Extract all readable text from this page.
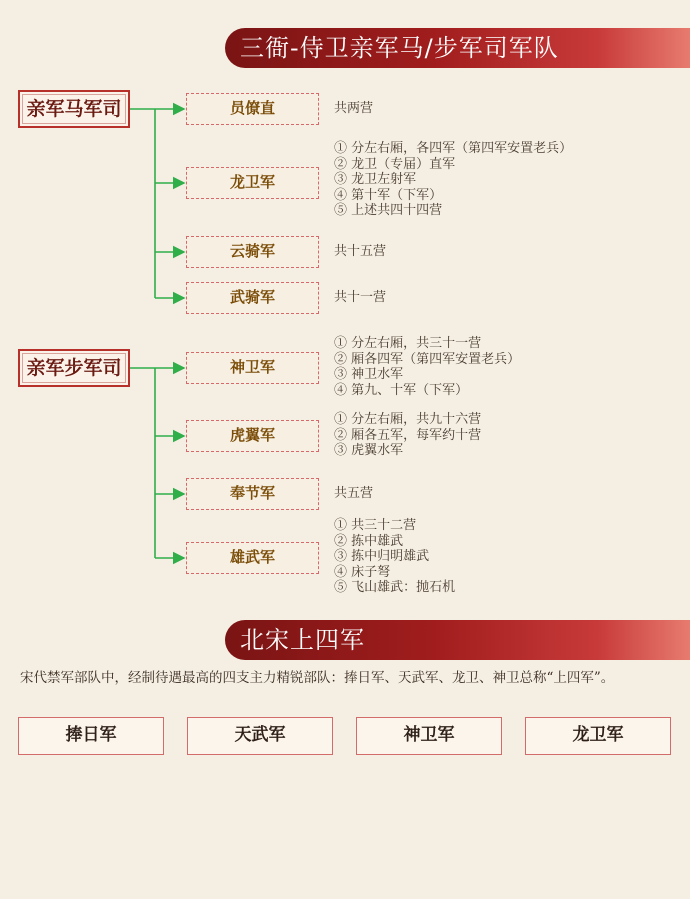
三衙-侍卫亲军马/步军司军队
亲军马军司	员僚直	共两营
龙卫军
① 分左右厢，各四军（第四军安置老兵）
② 龙卫（专届）直军
③ 龙卫左射军
④ 第十军（下军）
⑤ 上述共四十四营
云骑军	共十五营
武骑军	共十一营
亲军步军司	神卫军
① 分左右厢，共三十一营
② 厢各四军（第四军安置老兵）
③ 神卫水军
④ 第九、十军（下军）
虎翼军
① 分左右厢，共九十六营
② 厢各五军，每军约十营
③ 虎翼水军
奉节军	共五营
雄武军
① 共三十二营
② 拣中雄武
③ 拣中归明雄武
④ 床子弩
⑤ 飞山雄武：抛石机
北宋上四军
宋代禁军部队中，经制待遇最高的四支主力精锐部队：捧日军、天武军、龙卫、神卫总称“上四军”。
捧日军	天武军	神卫军	龙卫军
